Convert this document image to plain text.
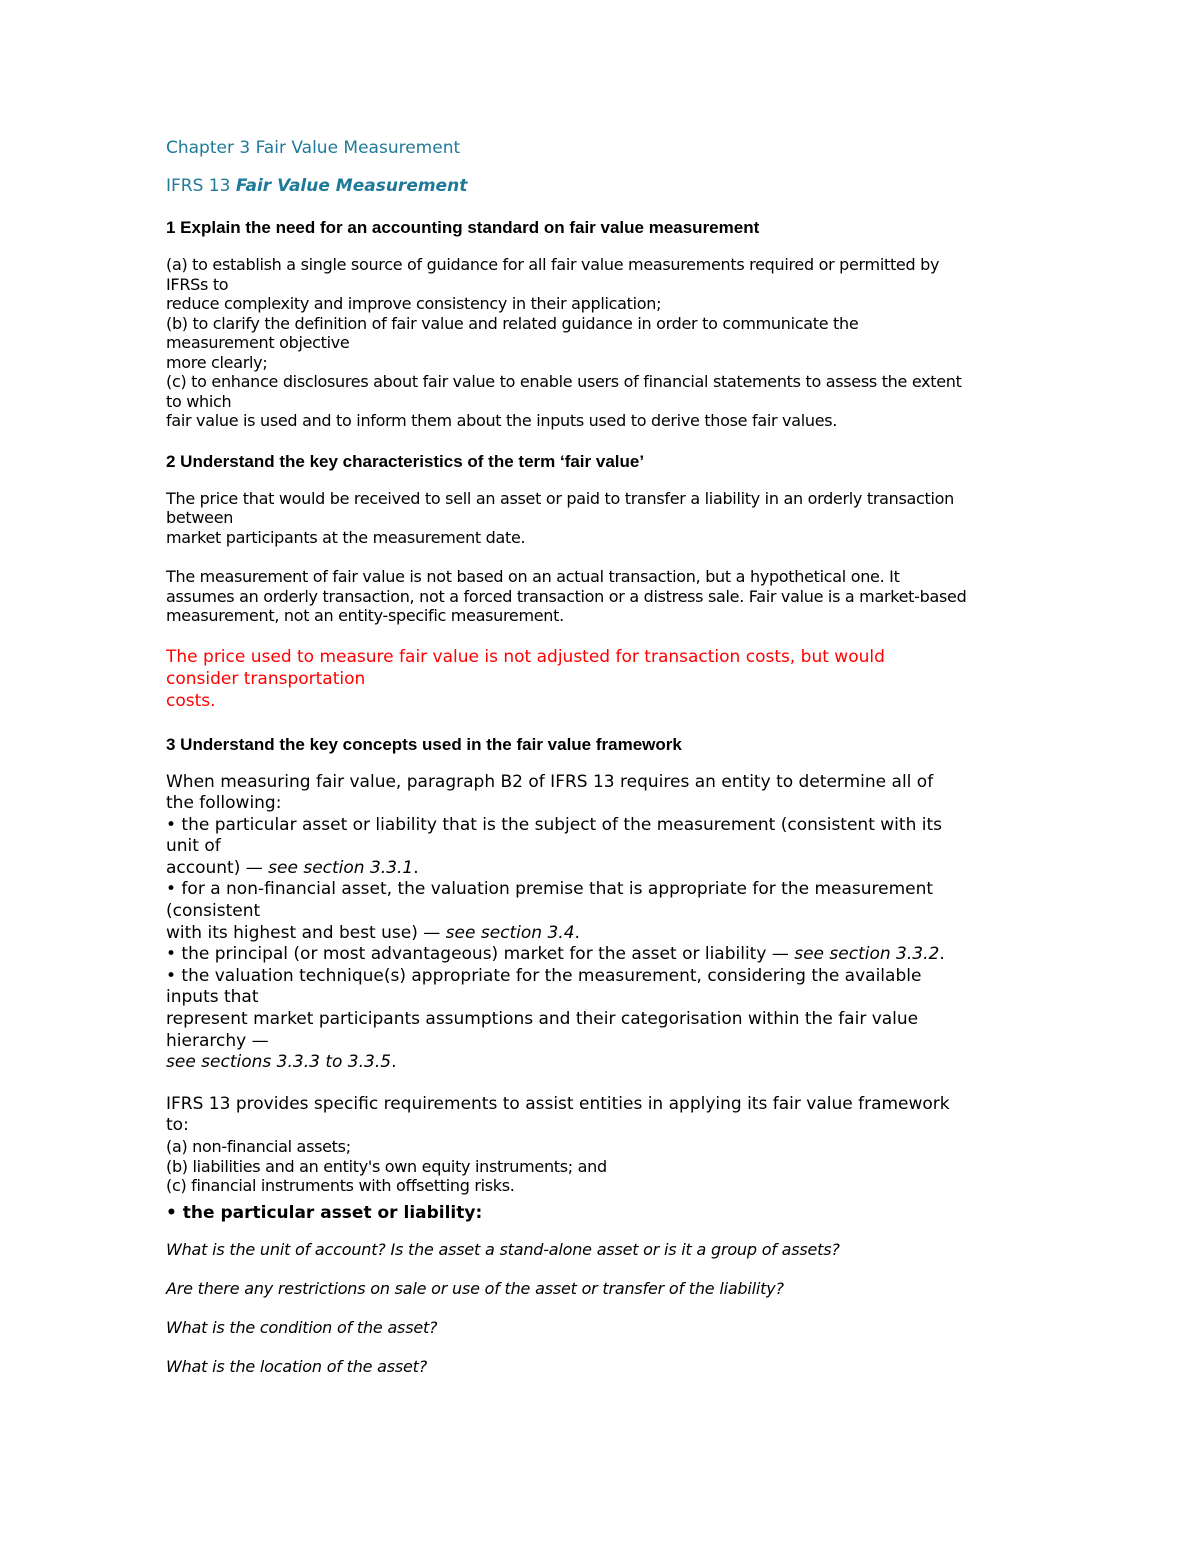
Chapter 3 Fair Value Measurement

IFRS 13 Fair Value Measurement

1 Explain the need for an accounting standard on fair value measurement

(a) to establish a single source of guidance for all fair value measurements required or permitted by

IFRSs to

reduce complexity and improve consistency in their application;

(b) to clarify the definition of fair value and related guidance in order to communicate the

measurement objective

more clearly;

(c) to enhance disclosures about fair value to enable users of financial statements to assess the extent

to which

fair value is used and to inform them about the inputs used to derive those fair values.

2 Understand the key characteristics of the term ‘fair value’

The price that would be received to sell an asset or paid to transfer a liability in an orderly transaction

between

market participants at the measurement date.

The measurement of fair value is not based on an actual transaction, but a hypothetical one. It

assumes an orderly transaction, not a forced transaction or a distress sale. Fair value is a market-based

measurement, not an entity-specific measurement.

The price used to measure fair value is not adjusted for transaction costs, but would

consider transportation

costs.

3 Understand the key concepts used in the fair value framework

When measuring fair value, paragraph B2 of IFRS 13 requires an entity to determine all of

the following:

• the particular asset or liability that is the subject of the measurement (consistent with its

unit of

account) — see section 3.3.1.

• for a non-financial asset, the valuation premise that is appropriate for the measurement

(consistent

with its highest and best use) — see section 3.4.

• the principal (or most advantageous) market for the asset or liability — see section 3.3.2.

• the valuation technique(s) appropriate for the measurement, considering the available

inputs that

represent market participants assumptions and their categorisation within the fair value

hierarchy —

see sections 3.3.3 to 3.3.5.

IFRS 13 provides specific requirements to assist entities in applying its fair value framework

to:

(a) non-financial assets;

(b) liabilities and an entity's own equity instruments; and

(c) financial instruments with offsetting risks.

• the particular asset or liability:

What is the unit of account? Is the asset a stand-alone asset or is it a group of assets?

Are there any restrictions on sale or use of the asset or transfer of the liability?

What is the condition of the asset?

What is the location of the asset?
